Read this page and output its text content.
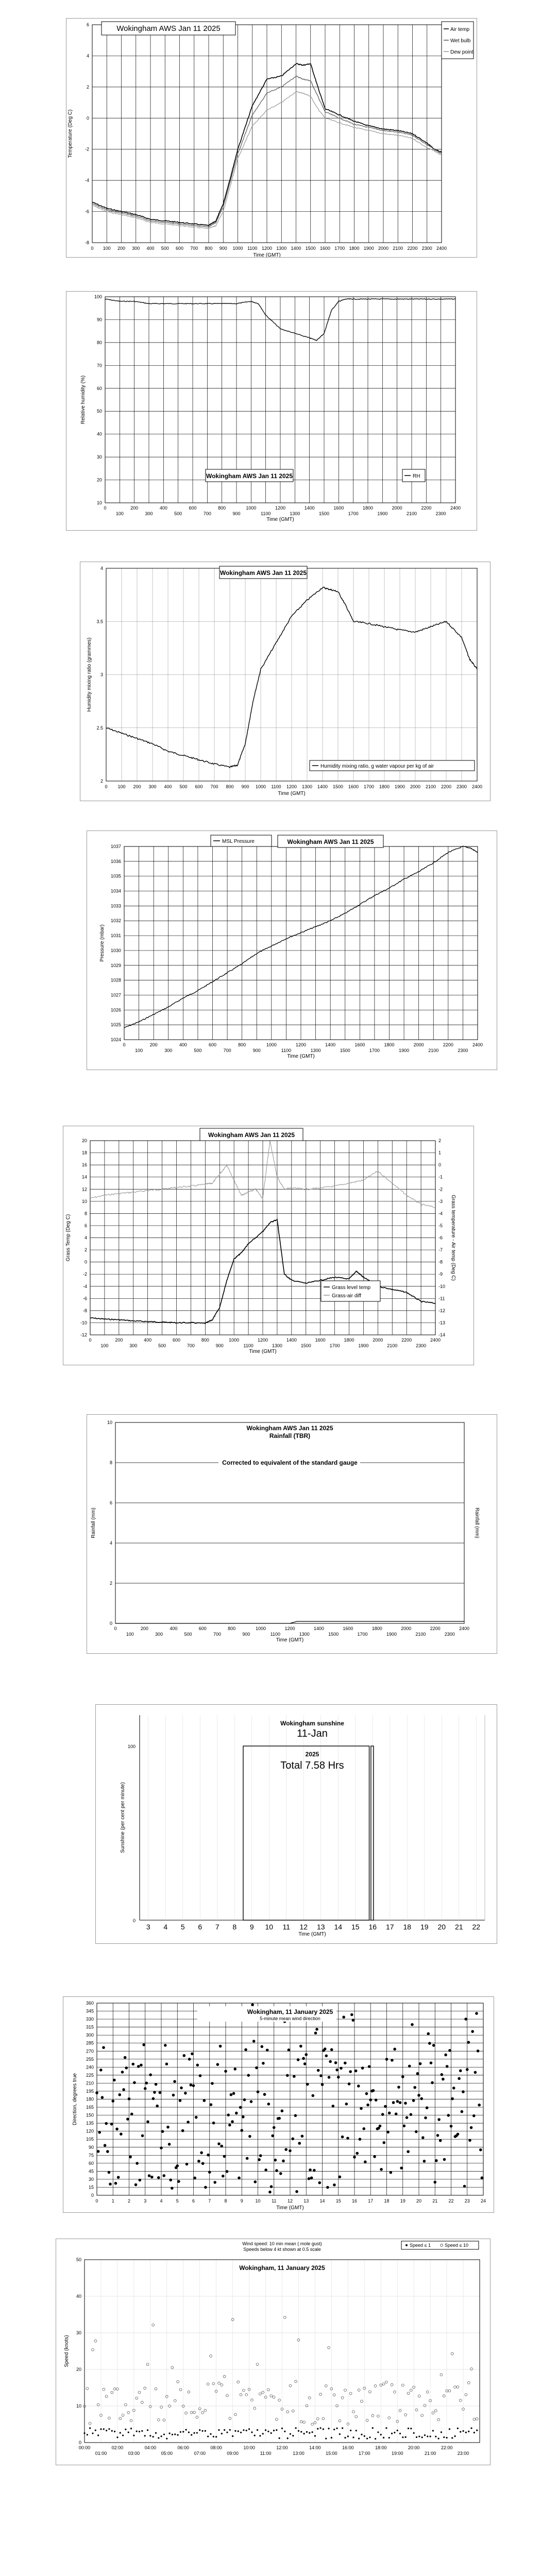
-8
-6
-4
-2
0
2
4
6
0 100 200 300 400 500 600 700 800 900 1000 1100 1200 1300 1400 1500 1600 1700 1800 1900 2000 2100 2200 2300 2400
Time (GMT)
Temperature (Deg C)
Wokingham AWS Jan 11 2025	Air temp
Wet bulb
Dew point
10
20
30
40
50
60
70
80
90
100
0	200	400	600	800	1000	1200	1400	1600	1800	2000	2200	2400
100	300	500	700	900	1100	1300	1500	1700	1900	2100	2300
Time (GMT)
Relative humidity (%)
Wokingham AWS Jan 11 2025	RH
2
2.5
3
3.5
4
0 100 200 300 400 500 600 700 800 900 1000 1100 1200 1300 1400 1500 1600 1700 1800 1900 2000 2100 2200 2300 2400
Time (GMT)
Humidity mixing ratio (grammes)
Wokingham AWS Jan 11 2025
Humidity mixing ratio, g water vapour per kg of air
1024
1025
1026
1027
1028
1029
1030
1031
1032
1033
1034
1035
1036
1037
0	200	400	600	800	1000	1200	1400	1600	1800	2000	2200	2400
100	300	500	700	900	1100	1300	1500	1700	1900	2100	2300
Time (GMT)
Pressure (mbar)
MSL Pressure	Wokingham AWS Jan 11 2025
-12
-10
-8
-6
-4
-2
0
2
4
6
8
10
12
14
16
18
20
0	200	400	600	800	1000	1200	1400	1600	1800	2000	2200	2400
100	300	500	700	900	1100	1300	1500	1700	1900	2100	2300
Time (GMT)
Grass Temp (Deg C)
-14
-13
-12
-11
-10
-9
-8
-7
-6
-5
-4
-3
-2
-1
0
1
2
Grass temperature - Air temp (Deg C)
Wokingham AWS Jan 11 2025
Grass level temp
Grass-air diff
0
2
4
6
8
10
0	200	400	600	800	1000	1200	1400	1600	1800	2000	2200	2400
100	300	500	700	900	1100	1300	1500	1700	1900	2100	2300
Time (GMT)
Rainfall (mm)	Rainfall (mm)
Wokingham AWS Jan 11 2025
Rainfall (TBR)
Corrected to equivalent of the standard gauge
3 4 5 6 7 8 9 10 11 12 13 14 15 16 17 18 19 20 21 22
0
100
Time (GMT)
Sunshine (per cent per minute)
Wokingham sunshine
11-Jan
2025
Total 7.58 Hrs
0
15
30
45
60
75
90
105
120
135
150
165
180
195
210
225
240
255
270
285
300
315
330
345
360
0	1	2	3	4	5	6	7	8	9	10 11 12 13 14 15 16 17 18 19 20 21 22 23 24
Time (GMT)
Direction, degrees true
Wokingham, 11 January 2025
5-minute mean wind direction
0
10
20
30
40
50
00:00	02:00	04:00	06:00	08:00	10:00	12:00	14:00	16:00	18:00	20:00	22:00
01:00	03:00	05:00	07:00	09:00	11:00	13:00	15:00	17:00	19:00	21:00	23:00
Speed (knots)
Wind speed: 10 min mean ( mole gust)
Speeds below 4 kt shown at 0.5 scale
Wokingham, 11 January 2025
Speed ≤ 1	Speed ≤ 10
